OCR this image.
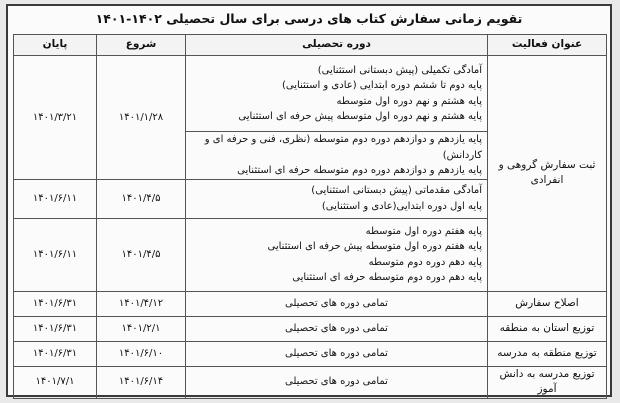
تقویم زمانی سفارش کتاب های درسی برای سال تحصیلی ۱۴۰۲-۱۴۰۱
عنوان فعالیت	دوره تحصیلی	شروع	پایان
ثبت سفارش گروهی و انفرادی	آمادگی تکمیلی (پیش دبستانی استثنایی)
پایه دوم تا ششم دوره ابتدایی (عادی و استثنایی)
پایه هشتم و نهم دوره اول متوسطه
پایه هشتم و نهم دوره اول متوسطه پیش حرفه ای استثنایی	۱۴۰۱/۱/۲۸	۱۴۰۱/۳/۲۱

	پایه یازدهم و دوازدهم دوره دوم متوسطه (نظری، فنی و حرفه ای و کاردانش)
پایه یازدهم و دوازدهم دوره دوم متوسطه حرفه ای استثنایی		

	آمادگی مقدماتی (پیش دبستانی استثنایی)
پایه اول دوره ابتدایی(عادی و استثنایی)	۱۴۰۱/۴/۵	۱۴۰۱/۶/۱۱

	پایه هفتم دوره اول متوسطه
پایه هفتم دوره اول متوسطه پیش حرفه ای استثنایی
پایه دهم دوره دوم متوسطه
پایه دهم دوره دوم متوسطه حرفه ای استثنایی	۱۴۰۱/۴/۵	۱۴۰۱/۶/۱۱
اصلاح سفارش	تمامی دوره های تحصیلی	۱۴۰۱/۴/۱۲	۱۴۰۱/۶/۳۱
توزیع استان به منطقه	تمامی دوره های تحصیلی	۱۴۰۱/۲/۱	۱۴۰۱/۶/۳۱
توزیع منطقه به مدرسه	تمامی دوره های تحصیلی	۱۴۰۱/۶/۱۰	۱۴۰۱/۶/۳۱
توزیع مدرسه به دانش آموز	تمامی دوره های تحصیلی	۱۴۰۱/۶/۱۴	۱۴۰۱/۷/۱
